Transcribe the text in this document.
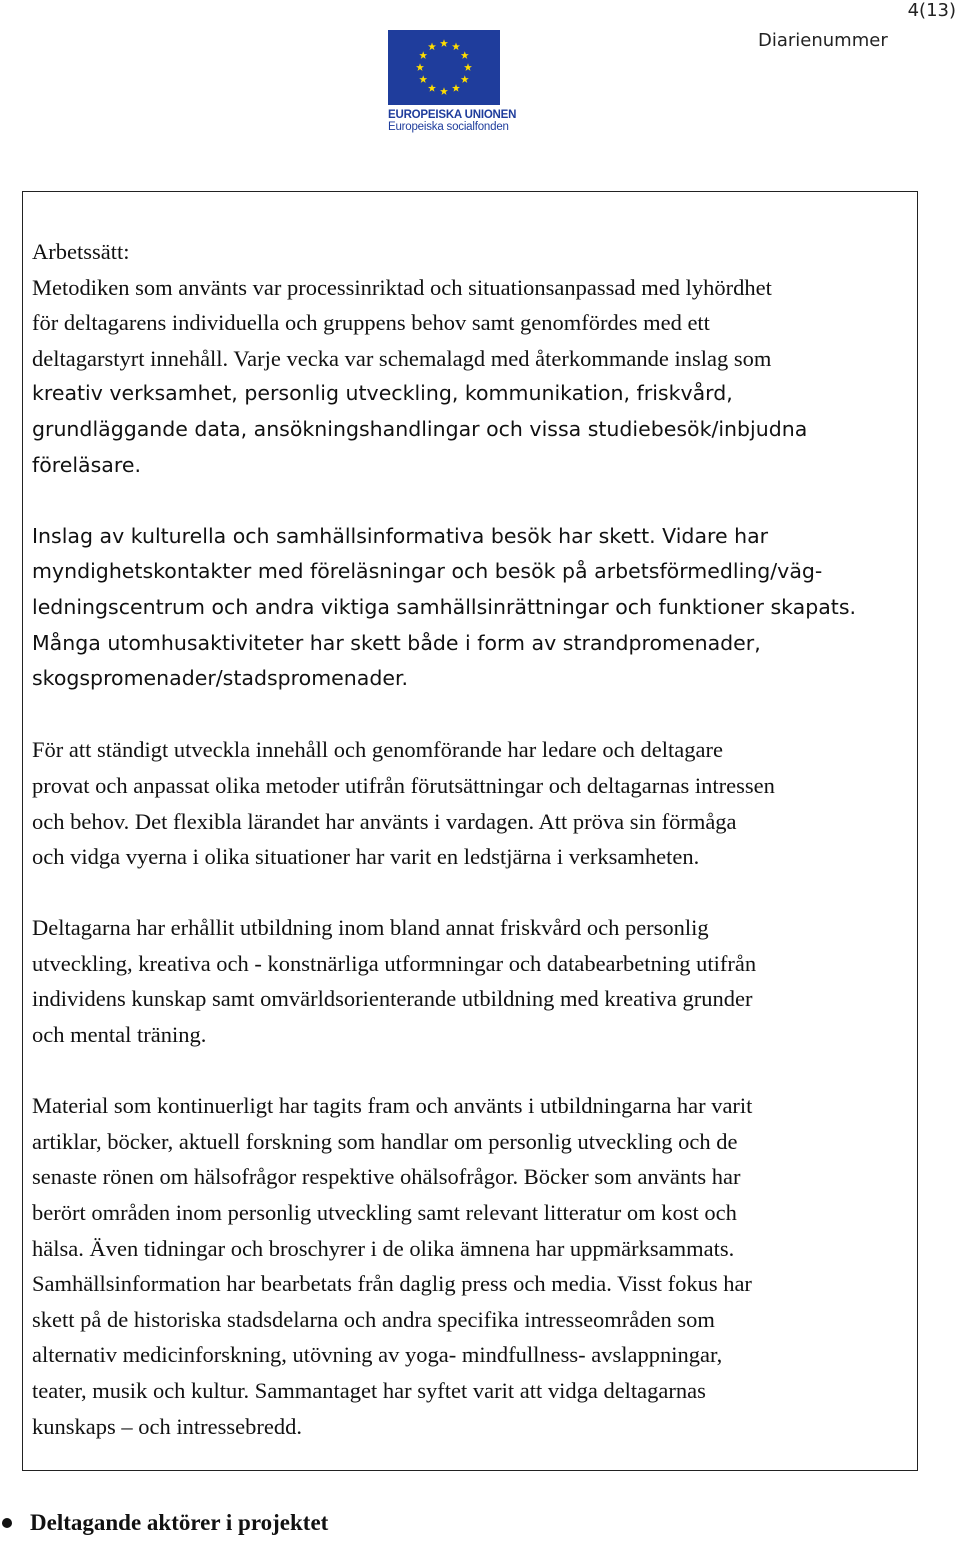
4(13)
Diarienummer
EUROPEISKA UNIONEN
Europeiska socialfonden

Arbetssätt:

Metodiken som använts var processinriktad och situationsanpassad med lyhördhet
för deltagarens individuella och gruppens behov samt genomfördes med ett
deltagarstyrt innehåll. Varje vecka var schemalagd med återkommande inslag som
kreativ verksamhet, personlig utveckling, kommunikation, friskvård,
grundläggande data, ansökningshandlingar och vissa studiebesök/inbjudna
föreläsare.

Inslag av kulturella och samhällsinformativa besök har skett. Vidare har
myndighetskontakter med föreläsningar och besök på arbetsförmedling/väg-
ledningscentrum och andra viktiga samhällsinrättningar och funktioner skapats.
Många utomhusaktiviteter har skett både i form av strandpromenader,
skogspromenader/stadspromenader.

För att ständigt utveckla innehåll och genomförande har ledare och deltagare
provat och anpassat olika metoder utifrån förutsättningar och deltagarnas intressen
och behov. Det flexibla lärandet har använts i vardagen. Att pröva sin förmåga
och vidga vyerna i olika situationer har varit en ledstjärna i verksamheten.

Deltagarna har erhållit utbildning inom bland annat friskvård och personlig
utveckling, kreativa och - konstnärliga utformningar och databearbetning utifrån
individens kunskap samt omvärldsorienterande utbildning med kreativa grunder
och mental träning.

Material som kontinuerligt har tagits fram och använts i utbildningarna har varit
artiklar, böcker, aktuell forskning som handlar om personlig utveckling och de
senaste rönen om hälsofrågor respektive ohälsofrågor. Böcker som använts har
berört områden inom personlig utveckling samt relevant litteratur om kost och
hälsa. Även tidningar och broschyrer i de olika ämnena har uppmärksammats.
Samhällsinformation har bearbetats från daglig press och media. Visst fokus har
skett på de historiska stadsdelarna och andra specifika intresseområden som
alternativ medicinforskning, utövning av yoga- mindfullness- avslappningar,
teater, musik och kultur. Sammantaget har syftet varit att vidga deltagarnas
kunskaps – och intressebredd.

Deltagande aktörer i projektet
